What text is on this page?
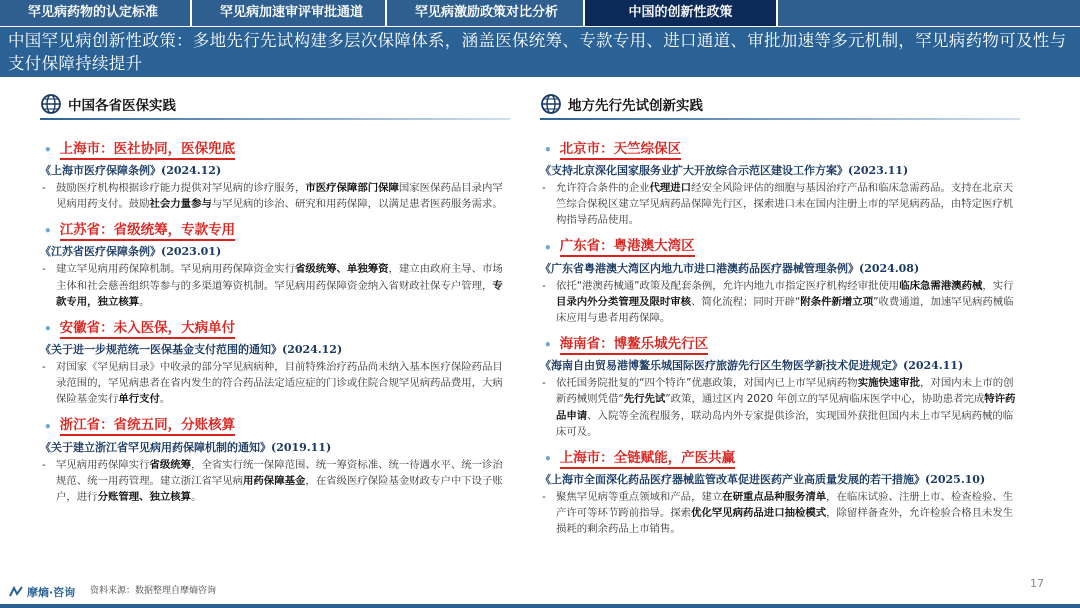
罕见病药物的认定标准	罕见病加速审评审批通道	罕见病激励政策对比分析	中国的创新性政策
中国罕见病创新性政策：多地先行先试构建多层次保障体系，涵盖医保统筹、专款专用、进口通道、审批加速等多元机制，罕见病药物可及性与支付保障持续提升
中国各省医保实践	地方先行先试创新实践
• 上海市：医社协同，医保兜底
《上海市医疗保障条例》(2024.12)
- 鼓励医疗机构根据诊疗能力提供对罕见病的诊疗服务，市医疗保障部门保障国家医保药品目录内罕见病用药支付。鼓励社会力量参与与罕见病的诊治、研究和用药保障，以满足患者医药服务需求。
• 江苏省：省级统筹，专款专用
《江苏省医疗保障条例》(2023.01)
- 建立罕见病用药保障机制。罕见病用药保障资金实行省级统筹、单独筹资，建立由政府主导、市场主体和社会慈善组织等参与的多渠道筹资机制。罕见病用药保障资金纳入省财政社保专户管理，专款专用，独立核算。
• 安徽省：未入医保，大病单付
《关于进一步规范统一医保基金支付范围的通知》(2024.12)
- 对国家《罕见病目录》中收录的部分罕见病病种，目前特殊治疗药品尚未纳入基本医疗保险药品目录范围的，罕见病患者在省内发生的符合药品法定适应症的门诊或住院合规罕见病药品费用，大病保险基金实行单行支付。
• 浙江省：省统五同，分账核算
《关于建立浙江省罕见病用药保障机制的通知》(2019.11)
- 罕见病用药保障实行省级统筹，全省实行统一保障范围、统一筹资标准、统一待遇水平、统一诊治规范、统一用药管理。建立浙江省罕见病用药保障基金，在省级医疗保险基金财政专户中下设子账户，进行分账管理、独立核算。
• 北京市：天竺综保区
《支持北京深化国家服务业扩大开放综合示范区建设工作方案》(2023.11)
- 允许符合条件的企业代理进口经安全风险评估的细胞与基因治疗产品和临床急需药品。支持在北京天竺综合保税区建立罕见病药品保障先行区，探索进口未在国内注册上市的罕见病药品，由特定医疗机构指导药品使用。
• 广东省：粤港澳大湾区
《广东省粤港澳大湾区内地九市进口港澳药品医疗器械管理条例》(2024.08)
- 依托“港澳药械通”政策及配套条例，允许内地九市指定医疗机构经审批使用临床急需港澳药械，实行目录内外分类管理及限时审核、简化流程；同时开辟“附条件新增立项”收费通道，加速罕见病药械临床应用与患者用药保障。
• 海南省：博鳌乐城先行区
《海南自由贸易港博鳌乐城国际医疗旅游先行区生物医学新技术促进规定》(2024.11)
- 依托国务院批复的“四个特许”优惠政策，对国内已上市罕见病药物实施快速审批，对国内未上市的创新药械则凭借“先行先试”政策，通过区内 2020 年创立的罕见病临床医学中心，协助患者完成特许药品申请、入院等全流程服务，联动岛内外专家提供诊治，实现国外获批但国内未上市罕见病药械的临床可及。
• 上海市：全链赋能，产医共赢
《上海市全面深化药品医疗器械监管改革促进医药产业高质量发展的若干措施》(2025.10)
- 聚焦罕见病等重点领域和产品，建立在研重点品种服务清单，在临床试验、注册上市、检查检验、生产许可等环节跨前指导。探索优化罕见病药品进口抽检模式，除留样备查外，允许检验合格且未发生损耗的剩余药品上市销售。
摩熵·咨询 资料来源：数据整理自摩熵咨询
17
